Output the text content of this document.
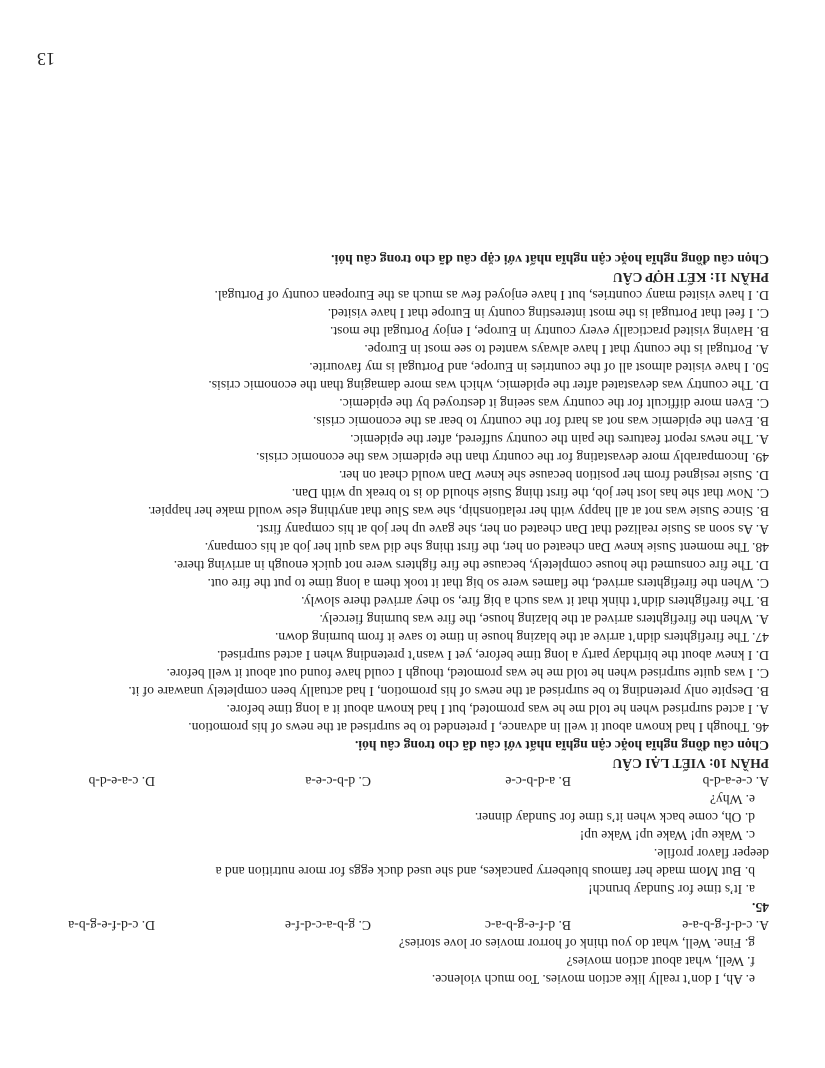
13
e. Ah, I don’t really like action movies. Too much violence.
f. Well, what about action movies?
g. Fine. Well, what do you think of horror movies or love stories?
A. c-d-f-g-b-a-e
B. d-f-e-g-b-a-c
C. g-b-a-c-d-f-e
D. c-d-f-e-g-b-a
45.
a. It’s time for Sunday brunch!
b. But Mom made her famous blueberry pancakes, and she used duck eggs for more nutrition and a
deeper flavor profile.
c. Wake up! Wake up! Wake up!
d. Oh, come back when it’s time for Sunday dinner.
e. Why?
A. c-e-a-d-b
B. a-d-b-c-e
C. d-b-c-e-a
D. c-a-e-d-b
PHẦN 10: VIẾT LẠI CÂU
Chọn câu đồng nghĩa hoặc cận nghĩa nhất với câu đã cho trong câu hỏi.
46. Though I had known about it well in advance, I pretended to be surprised at the news of his promotion.
A. I acted surprised when he told me he was promoted, but I had known about it a long time before.
B. Despite only pretending to be surprised at the news of his promotion, I had actually been completely unaware of it.
C. I was quite surprised when he told me he was promoted, though I could have found out about it well before.
D. I knew about the birthday party a long time before, yet I wasn’t pretending when I acted surprised.
47. The firefighters didn’t arrive at the blazing house in time to save it from burning down.
A. When the firefighters arrived at the blazing house, the fire was burning fiercely.
B. The firefighters didn’t think that it was such a big fire, so they arrived there slowly.
C. When the firefighters arrived, the flames were so big that it took them a long time to put the fire out.
D. The fire consumed the house completely, because the fire fighters were not quick enough in arriving there.
48. The moment Susie knew Dan cheated on her, the first thing she did was quit her job at his company.
A. As soon as Susie realized that Dan cheated on her, she gave up her job at his company first.
B. Since Susie was not at all happy with her relationship, she was Slue that anything else would make her happier.
C. Now that she has lost her job, the first thing Susie should do is to break up with Dan.
D. Susie resigned from her position because she knew Dan would cheat on her.
49. Incomparably more devastating for the country than the epidemic was the economic crisis.
A. The news report features the pain the country suffered, after the epidemic.
B. Even the epidemic was not as hard for the country to bear as the economic crisis.
C. Even more difficult for the country was seeing it destroyed by the epidemic.
D. The country was devastated after the epidemic, which was more damaging than the economic crisis.
50. I have visited almost all of the countries in Europe, and Portugal is my favourite.
A. Portugal is the county that I have always wanted to see most in Europe.
B. Having visited practically every country in Europe, I enjoy Portugal the most.
C. I feel that Portugal is the most interesting county in Europe that I have visited.
D. I have visited many countries, but I have enjoyed few as much as the European county of Portugal.
PHẦN 11: KẾT HỢP CÂU
Chọn câu đồng nghĩa hoặc cận nghĩa nhất với cặp câu đã cho trong câu hỏi.
